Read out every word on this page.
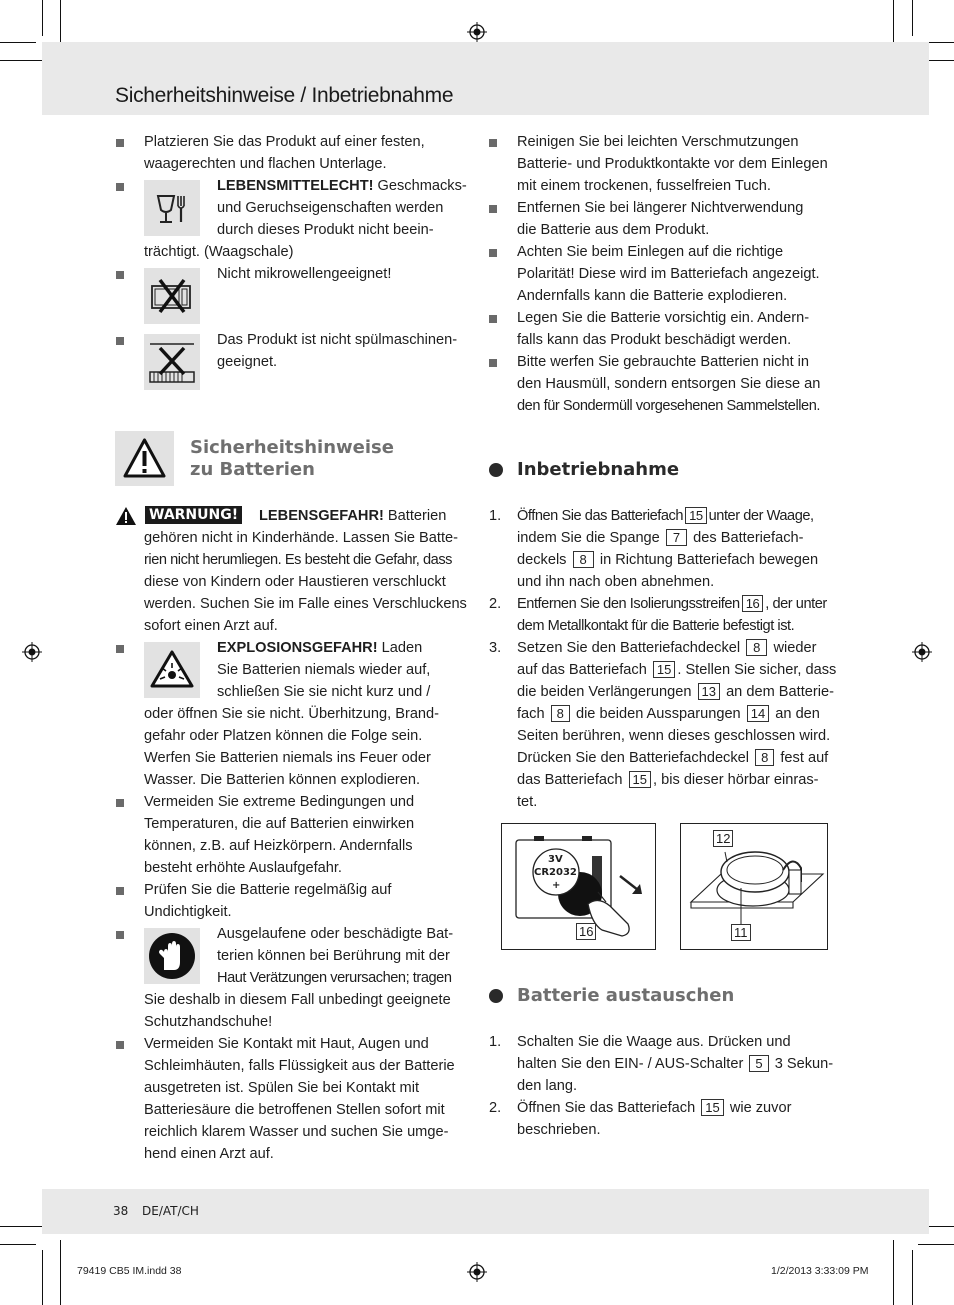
Sicherheitshinweise / Inbetriebnahme
38 DE/AT/CH
79419 CB5 IM.indd 38	1/2/2013 3:33:09 PM
Platzieren Sie das Produkt auf einer festen,
waagerechten und flachen Unterlage.
LEBENSMITTELECHT! Geschmacks-
und Geruchseigenschaften werden
durch dieses Produkt nicht beein-
trächtigt. (Waagschale)
Nicht mikrowellengeeignet!
Das Produkt ist nicht spülmaschinen-
geeignet.
Sicherheitshinweise
zu Batterien
WARNUNG! LEBENSGEFAHR! Batterien
gehören nicht in Kinderhände. Lassen Sie Batte-
rien nicht herumliegen. Es besteht die Gefahr, dass
diese von Kindern oder Haustieren verschluckt
werden. Suchen Sie im Falle eines Verschluckens
sofort einen Arzt auf.
EXPLOSIONSGEFAHR! Laden
Sie Batterien niemals wieder auf,
schließen Sie sie nicht kurz und /
oder öffnen Sie sie nicht. Überhitzung, Brand-
gefahr oder Platzen können die Folge sein.
Werfen Sie Batterien niemals ins Feuer oder
Wasser. Die Batterien können explodieren.
Vermeiden Sie extreme Bedingungen und
Temperaturen, die auf Batterien einwirken
können, z.B. auf Heizkörpern. Andernfalls
besteht erhöhte Auslaufgefahr.
Prüfen Sie die Batterie regelmäßig auf
Undichtigkeit.
Ausgelaufene oder beschädigte Bat-
terien können bei Berührung mit der
Haut Verätzungen verursachen; tragen
Sie deshalb in diesem Fall unbedingt geeignete
Schutzhandschuhe!
Vermeiden Sie Kontakt mit Haut, Augen und
Schleimhäuten, falls Flüssigkeit aus der Batterie
ausgetreten ist. Spülen Sie bei Kontakt mit
Batteriesäure die betroffenen Stellen sofort mit
reichlich klarem Wasser und suchen Sie umge-
hend einen Arzt auf.
Reinigen Sie bei leichten Verschmutzungen
Batterie- und Produktkontakte vor dem Einlegen
mit einem trockenen, fusselfreien Tuch.
Entfernen Sie bei längerer Nichtverwendung
die Batterie aus dem Produkt.
Achten Sie beim Einlegen auf die richtige
Polarität! Diese wird im Batteriefach angezeigt.
Andernfalls kann die Batterie explodieren.
Legen Sie die Batterie vorsichtig ein. Andern-
falls kann das Produkt beschädigt werden.
Bitte werfen Sie gebrauchte Batterien nicht in
den Hausmüll, sondern entsorgen Sie diese an
den für Sondermüll vorgesehenen Sammelstellen.
Inbetriebnahme
1. Öffnen Sie das Batteriefach 15 unter der Waage,
indem Sie die Spange 7 des Batteriefach-
deckels 8 in Richtung Batteriefach bewegen
und ihn nach oben abnehmen.
2. Entfernen Sie den Isolierungsstreifen 16 , der unter
dem Metallkontakt für die Batterie befestigt ist.
3. Setzen Sie den Batteriefachdeckel 8 wieder
auf das Batteriefach 15 . Stellen Sie sicher, dass
die beiden Verlängerungen 13 an dem Batterie-
fach 8 die beiden Aussparungen 14 an den
Seiten berühren, wenn dieses geschlossen wird.
Drücken Sie den Batteriefachdeckel 8 fest auf
das Batteriefach 15 , bis dieser hörbar einras-
tet.
3V
CR2032
+
16
12
11
Batterie austauschen
1. Schalten Sie die Waage aus. Drücken und
halten Sie den EIN- / AUS-Schalter 5 3 Sekun-
den lang.
2. Öffnen Sie das Batteriefach 15 wie zuvor
beschrieben.
